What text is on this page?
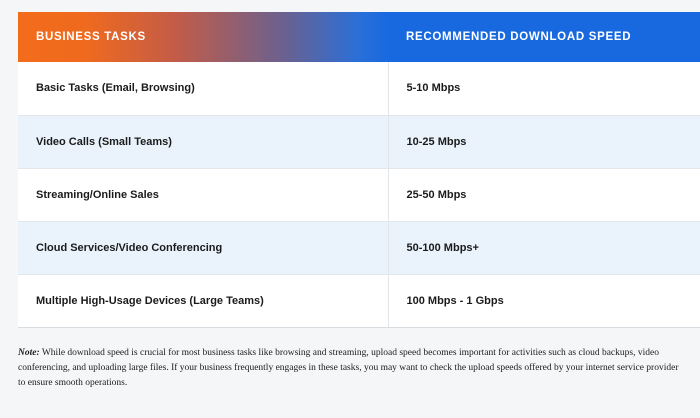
BUSINESS TASKS	RECOMMENDED DOWNLOAD SPEED
Basic Tasks (Email, Browsing)	5-10 Mbps
Video Calls (Small Teams)	10-25 Mbps
Streaming/Online Sales	25-50 Mbps
Cloud Services/Video Conferencing	50-100 Mbps+
Multiple High-Usage Devices (Large Teams)	100 Mbps - 1 Gbps

Note: While download speed is crucial for most business tasks like browsing and streaming, upload speed becomes important for activities such as cloud backups, video conferencing, and uploading large files. If your business frequently engages in these tasks, you may want to check the upload speeds offered by your internet service provider to ensure smooth operations.
